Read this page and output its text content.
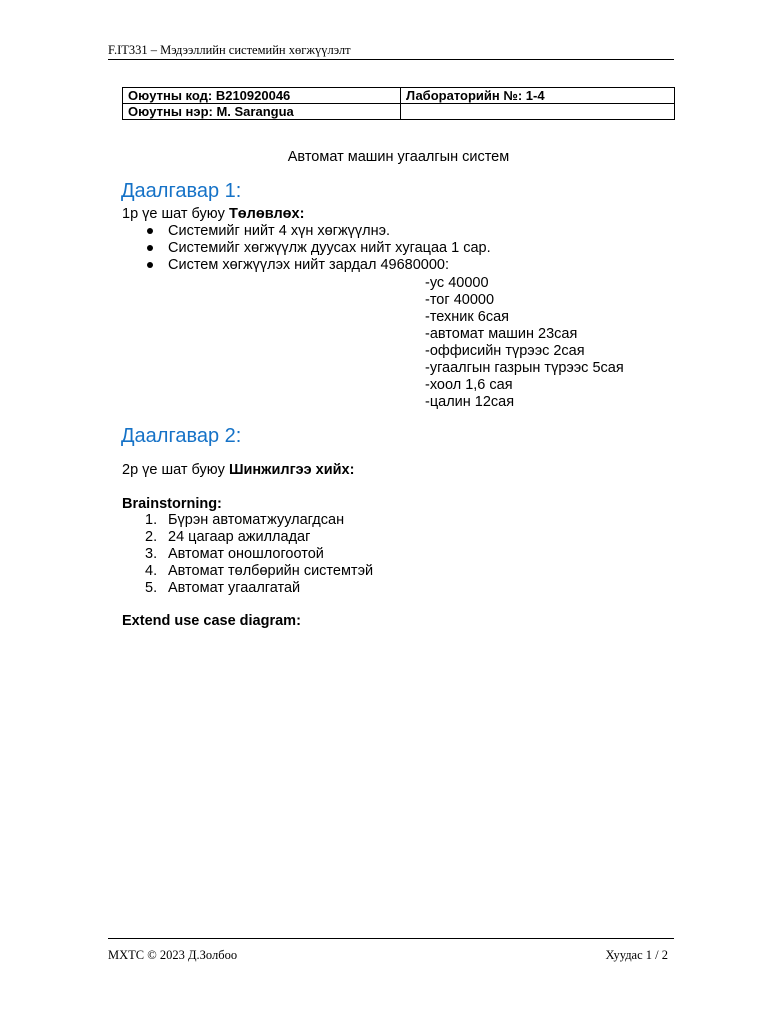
F.IT331 – Мэдээллийн системийн хөгжүүлэлт
Оюутны код: B210920046	Лабораторийн №: 1-4
Оюутны нэр: M. Sarangua	
Автомат машин угаалгын систем
Даалгавар 1:
1р үе шат буюу Төлөвлөх:
Системийг нийт 4 хүн хөгжүүлнэ.
Системийг хөгжүүлж дуусах нийт хугацаа 1 сар.
Систем хөгжүүлэх нийт зардал 49680000:
-ус 40000
-тог 40000
-техник 6сая
-автомат машин 23сая
-оффисийн түрээс 2сая
-угаалгын газрын түрээс 5сая
-хоол 1,6 сая
-цалин 12сая
Даалгавар 2:
2р үе шат буюу Шинжилгээ хийх:
Brainstorning:
1. Бүрэн автоматжуулагдсан
2. 24 цагаар ажилладаг
3. Автомат оношлогоотой
4. Автомат төлбөрийн системтэй
5. Автомат угаалгатай
Extend use case diagram:
МХТС © 2023 Д.Золбоо	Хуудас 1 / 2
